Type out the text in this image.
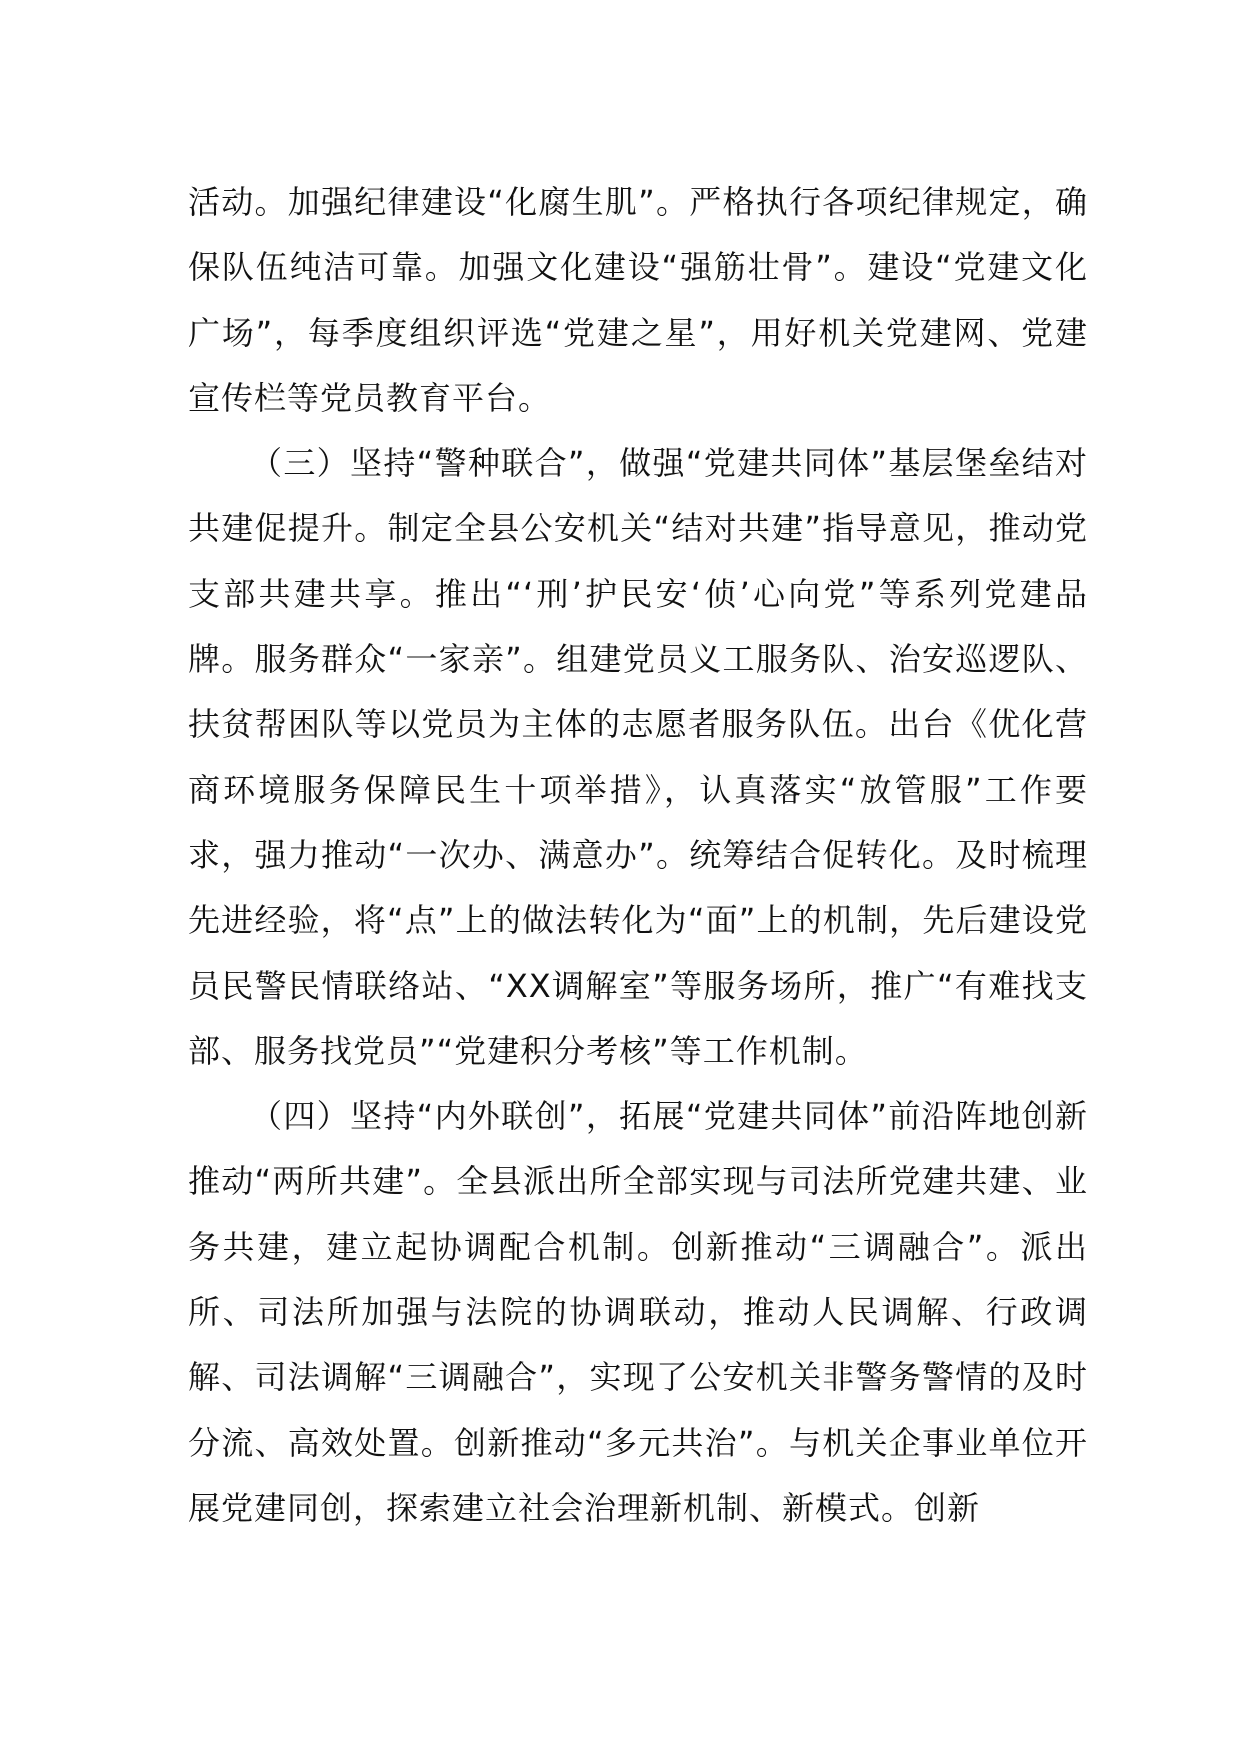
活动。加强纪律建设“化腐生肌”。严格执行各项纪律规定，确保队伍纯洁可靠。加强文化建设“强筋壮骨”。建设“党建文化广场”，每季度组织评选“党建之星”，用好机关党建网、党建宣传栏等党员教育平台。

（三）坚持“警种联合”，做强“党建共同体”基层堡垒结对共建促提升。制定全县公安机关“结对共建”指导意见，推动党支部共建共享。推出“‘刑’护民安‘侦’心向党”等系列党建品牌。服务群众“一家亲”。组建党员义工服务队、治安巡逻队、扶贫帮困队等以党员为主体的志愿者服务队伍。出台《优化营商环境服务保障民生十项举措》，认真落实“放管服”工作要求，强力推动“一次办、满意办”。统筹结合促转化。及时梳理先进经验，将“点”上的做法转化为“面”上的机制，先后建设党员民警民情联络站、“XX调解室”等服务场所，推广“有难找支部、服务找党员”“党建积分考核”等工作机制。

（四）坚持“内外联创”，拓展“党建共同体”前沿阵地创新推动“两所共建”。全县派出所全部实现与司法所党建共建、业务共建，建立起协调配合机制。创新推动“三调融合”。派出所、司法所加强与法院的协调联动，推动人民调解、行政调解、司法调解“三调融合”，实现了公安机关非警务警情的及时分流、高效处置。创新推动“多元共治”。与机关企事业单位开展党建同创，探索建立社会治理新机制、新模式。创新
